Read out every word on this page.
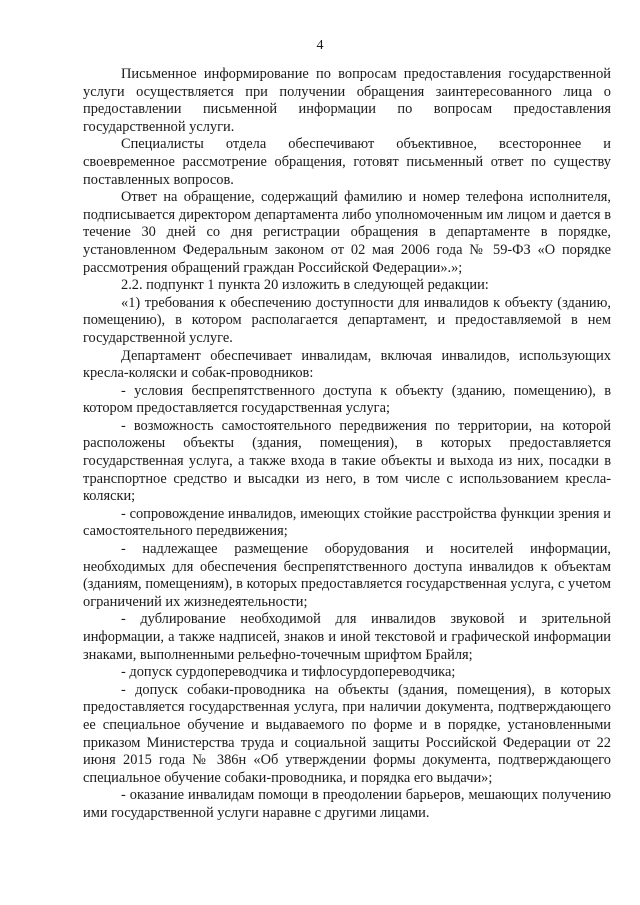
4

Письменное информирование по вопросам предоставления государственной услуги осуществляется при получении обращения заинтересованного лица о предоставлении письменной информации по вопросам предоставления государственной услуги.

Специалисты отдела обеспечивают объективное, всестороннее и своевременное рассмотрение обращения, готовят письменный ответ по существу поставленных вопросов.

Ответ на обращение, содержащий фамилию и номер телефона исполнителя, подписывается директором департамента либо уполномоченным им лицом и дается в течение 30 дней со дня регистрации обращения в департаменте в порядке, установленном Федеральным законом от 02 мая 2006 года № 59-ФЗ «О порядке рассмотрения обращений граждан Российской Федерации».»;

2.2. подпункт 1 пункта 20 изложить в следующей редакции:

«1) требования к обеспечению доступности для инвалидов к объекту (зданию, помещению), в котором располагается департамент, и предоставляемой в нем государственной услуге.

Департамент обеспечивает инвалидам, включая инвалидов, использующих кресла-коляски и собак-проводников:

- условия беспрепятственного доступа к объекту (зданию, помещению), в котором предоставляется государственная услуга;

- возможность самостоятельного передвижения по территории, на которой расположены объекты (здания, помещения), в которых предоставляется государственная услуга, а также входа в такие объекты и выхода из них, посадки в транспортное средство и высадки из него, в том числе с использованием кресла-коляски;

- сопровождение инвалидов, имеющих стойкие расстройства функции зрения и самостоятельного передвижения;

- надлежащее размещение оборудования и носителей информации, необходимых для обеспечения беспрепятственного доступа инвалидов к объектам (зданиям, помещениям), в которых предоставляется государственная услуга, с учетом ограничений их жизнедеятельности;

- дублирование необходимой для инвалидов звуковой и зрительной информации, а также надписей, знаков и иной текстовой и графической информации знаками, выполненными рельефно-точечным шрифтом Брайля;

- допуск сурдопереводчика и тифлосурдопереводчика;

- допуск собаки-проводника на объекты (здания, помещения), в которых предоставляется государственная услуга, при наличии документа, подтверждающего ее специальное обучение и выдаваемого по форме и в порядке, установленными приказом Министерства труда и социальной защиты Российской Федерации от 22 июня 2015 года № 386н «Об утверждении формы документа, подтверждающего специальное обучение собаки-проводника, и порядка его выдачи»;

- оказание инвалидам помощи в преодолении барьеров, мешающих получению ими государственной услуги наравне с другими лицами.
